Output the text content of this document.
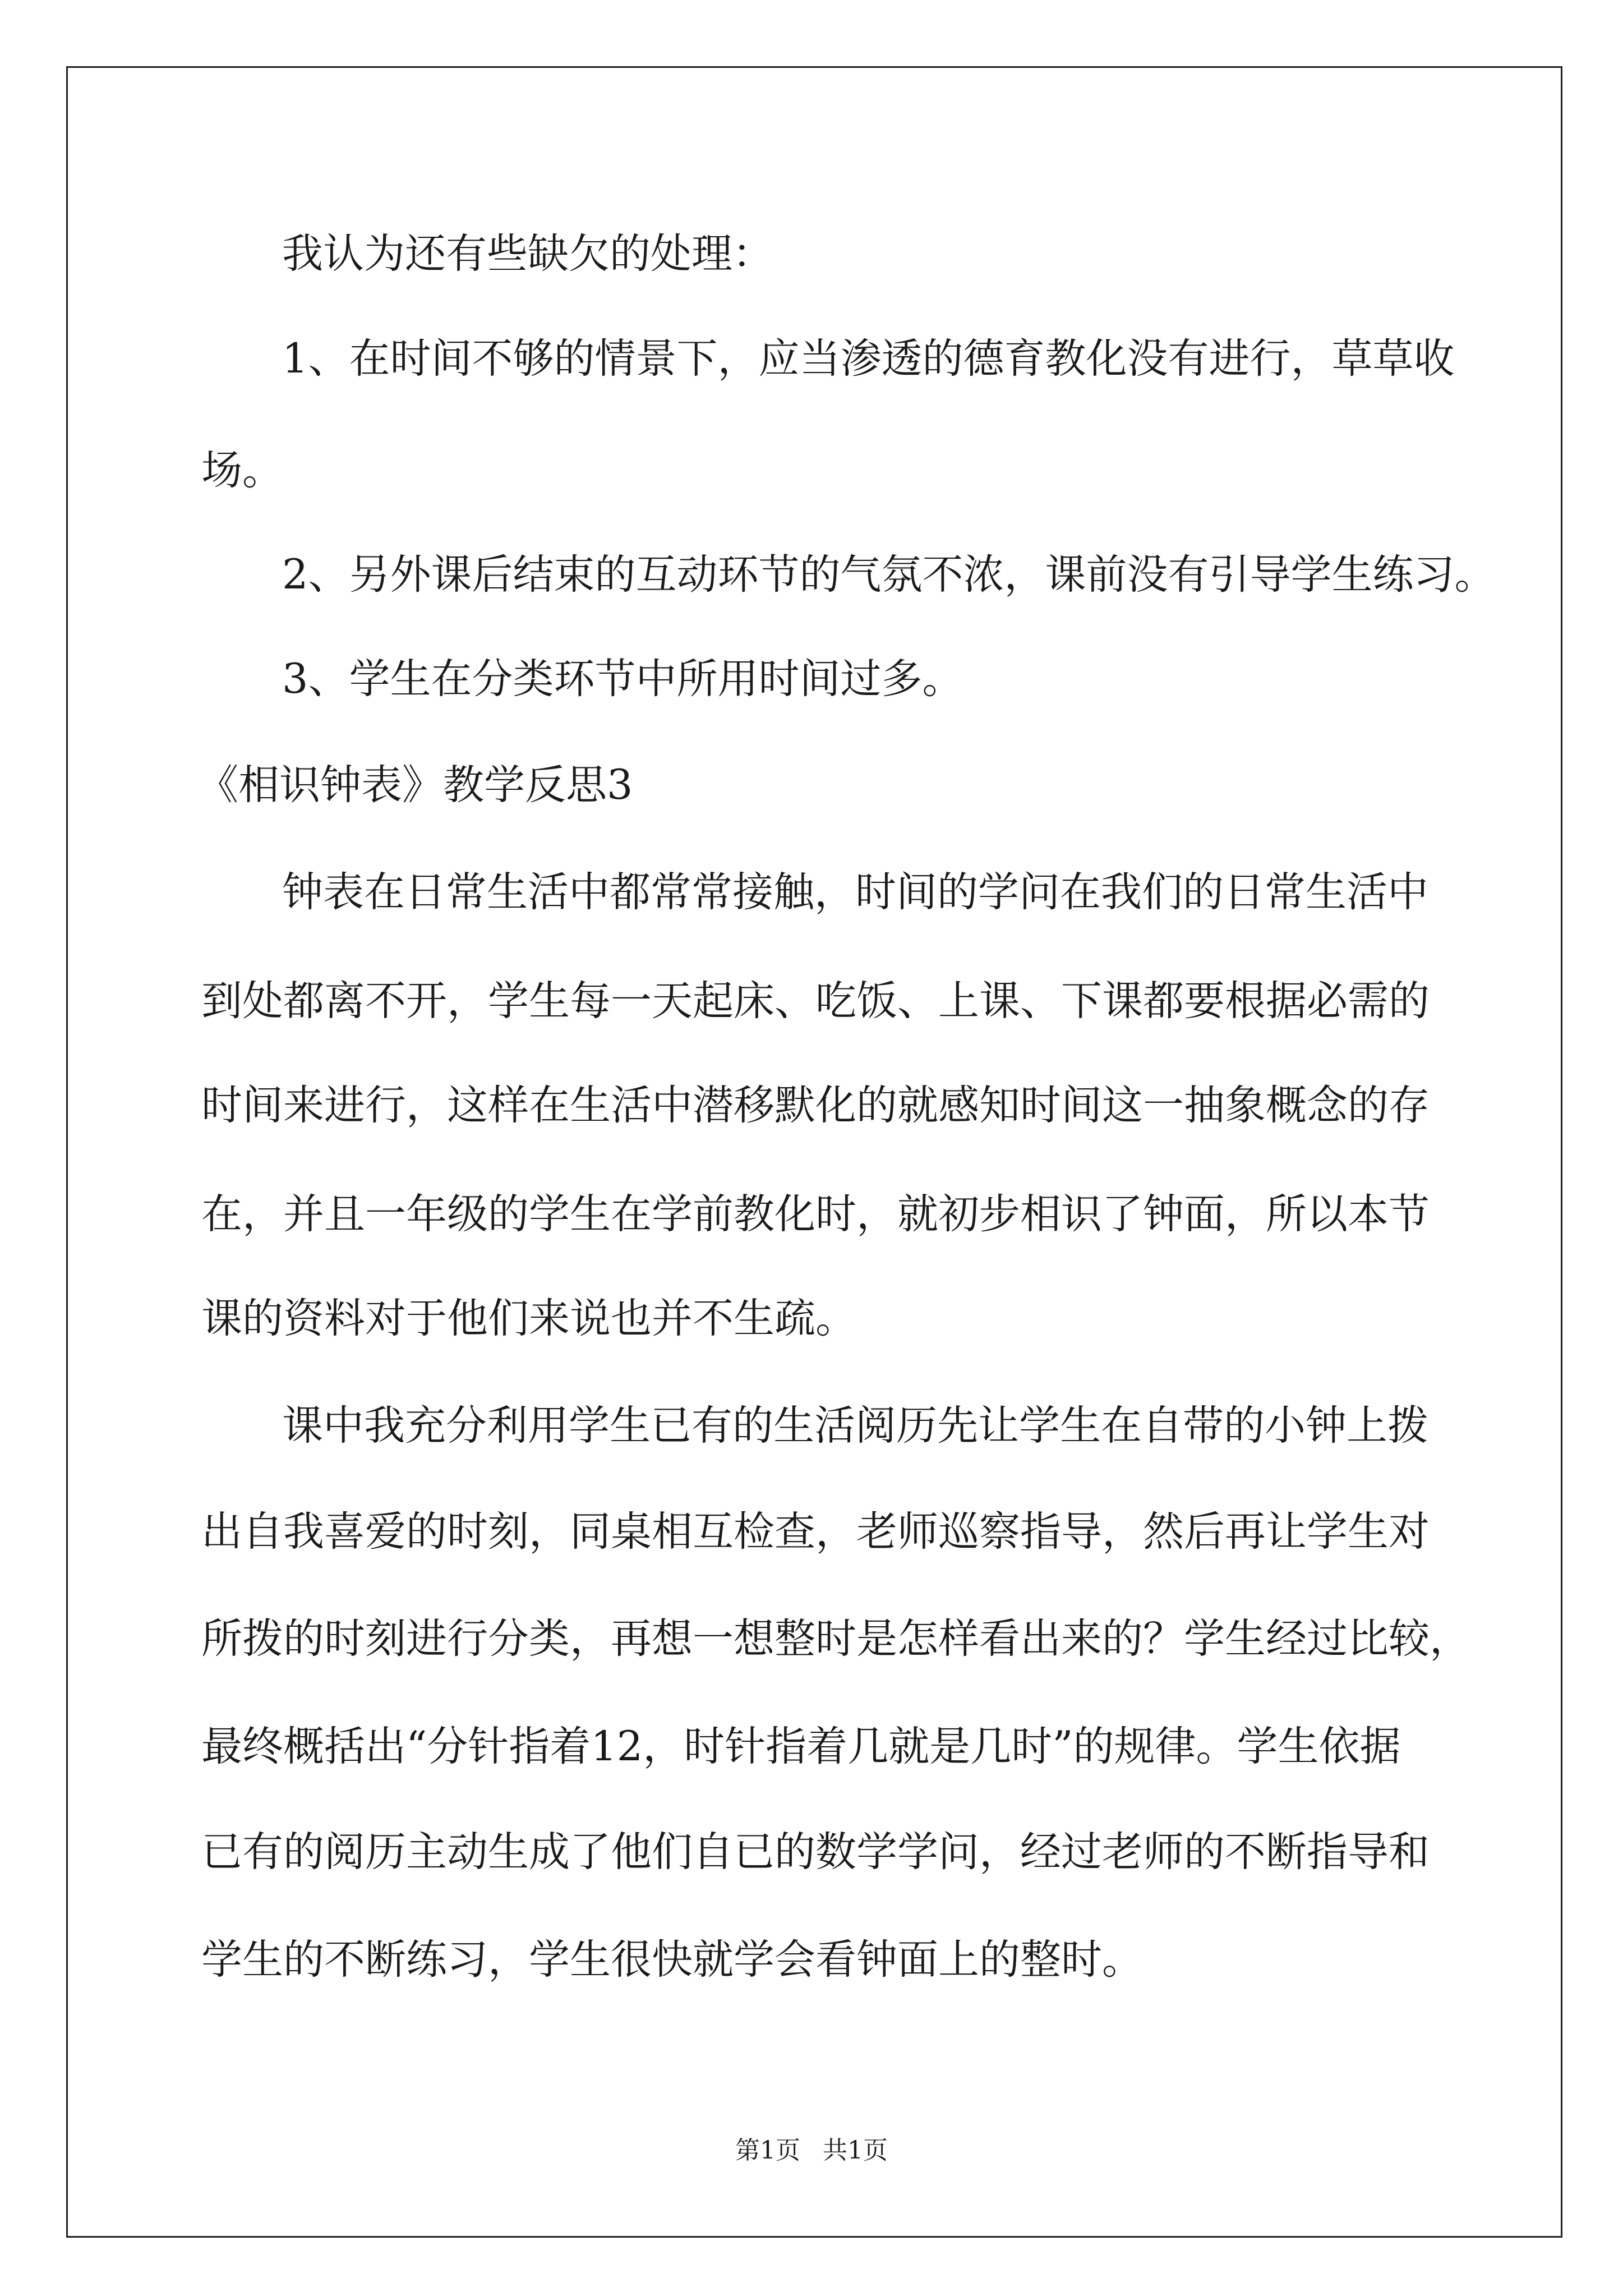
我认为还有些缺欠的处理：
1、在时间不够的情景下，应当渗透的德育教化没有进行，草草收
场。
2、另外课后结束的互动环节的气氛不浓，课前没有引导学生练习。
3、学生在分类环节中所用时间过多。
《相识钟表》教学反思3
钟表在日常生活中都常常接触，时间的学问在我们的日常生活中
到处都离不开，学生每一天起床、吃饭、上课、下课都要根据必需的
时间来进行，这样在生活中潜移默化的就感知时间这一抽象概念的存
在，并且一年级的学生在学前教化时，就初步相识了钟面，所以本节
课的资料对于他们来说也并不生疏。
课中我充分利用学生已有的生活阅历先让学生在自带的小钟上拨
出自我喜爱的时刻，同桌相互检查，老师巡察指导，然后再让学生对
所拨的时刻进行分类，再想一想整时是怎样看出来的？学生经过比较，
最终概括出“分针指着12，时针指着几就是几时”的规律。学生依据
已有的阅历主动生成了他们自已的数学学问，经过老师的不断指导和
学生的不断练习，学生很快就学会看钟面上的整时。
第1页 共1页
